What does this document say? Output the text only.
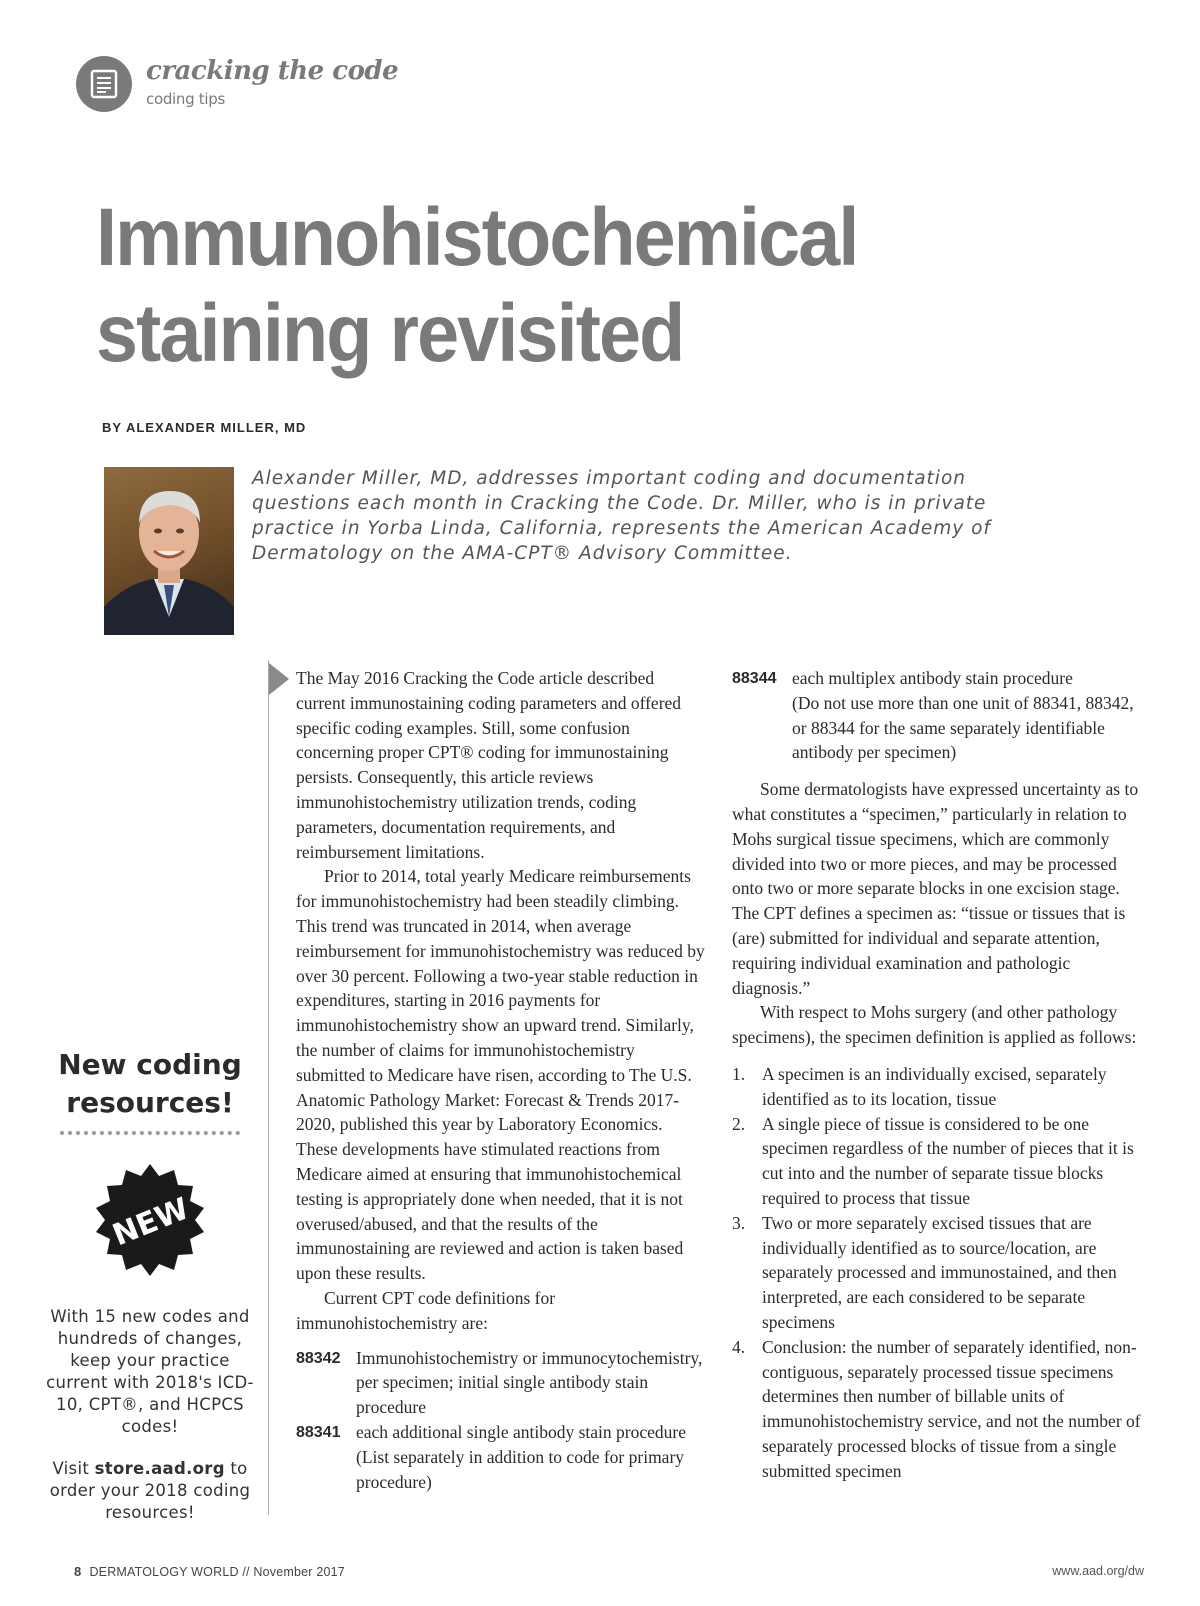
cracking the code
coding tips
Immunohistochemical
staining revisited
BY ALEXANDER MILLER, MD
Alexander Miller, MD, addresses important coding and documentation questions each month in Cracking the Code. Dr. Miller, who is in private practice in Yorba Linda, California, represents the American Academy of Dermatology on the AMA-CPT® Advisory Committee.
New coding
resources!
NEW
With 15 new codes and hundreds of changes, keep your practice current with 2018's ICD-10, CPT®, and HCPCS codes!
Visit store.aad.org to order your 2018 coding resources!

The May 2016 Cracking the Code article described current immunostaining coding parameters and offered specific coding examples. Still, some confusion concerning proper CPT® coding for immunostaining persists. Consequently, this article reviews immunohistochemistry utilization trends, coding parameters, documentation requirements, and reimbursement limitations.

Prior to 2014, total yearly Medicare reimbursements for immunohistochemistry had been steadily climbing. This trend was truncated in 2014, when average reimbursement for immunohistochemistry was reduced by over 30 percent. Following a two-year stable reduction in expenditures, starting in 2016 payments for immunohistochemistry show an upward trend. Similarly, the number of claims for immunohistochemistry submitted to Medicare have risen, according to The U.S. Anatomic Pathology Market: Forecast & Trends 2017-2020, published this year by Laboratory Economics. These developments have stimulated reactions from Medicare aimed at ensuring that immunohistochemical testing is appropriately done when needed, that it is not overused/abused, and that the results of the immunostaining are reviewed and action is taken based upon these results.

Current CPT code definitions for immunohistochemistry are:

88342 Immunohistochemistry or immunocytochemistry, per specimen; initial single antibody stain procedure
88341 each additional single antibody stain procedure
(List separately in addition to code for primary procedure)
88344 each multiplex antibody stain procedure
(Do not use more than one unit of 88341, 88342, or 88344 for the same separately identifiable antibody per specimen)

Some dermatologists have expressed uncertainty as to what constitutes a “specimen,” particularly in relation to Mohs surgical tissue specimens, which are commonly divided into two or more pieces, and may be processed onto two or more separate blocks in one excision stage. The CPT defines a specimen as: “tissue or tissues that is (are) submitted for individual and separate attention, requiring individual examination and pathologic diagnosis.”

With respect to Mohs surgery (and other pathology specimens), the specimen definition is applied as follows:

1. A specimen is an individually excised, separately identified as to its location, tissue
2. A single piece of tissue is considered to be one specimen regardless of the number of pieces that it is cut into and the number of separate tissue blocks required to process that tissue
3. Two or more separately excised tissues that are individually identified as to source/location, are separately processed and immunostained, and then interpreted, are each considered to be separate specimens
4. Conclusion: the number of separately identified, non-contiguous, separately processed tissue specimens determines then number of billable units of immunohistochemistry service, and not the number of separately processed blocks of tissue from a single submitted specimen
8 DERMATOLOGY WORLD // November 2017	www.aad.org/dw
